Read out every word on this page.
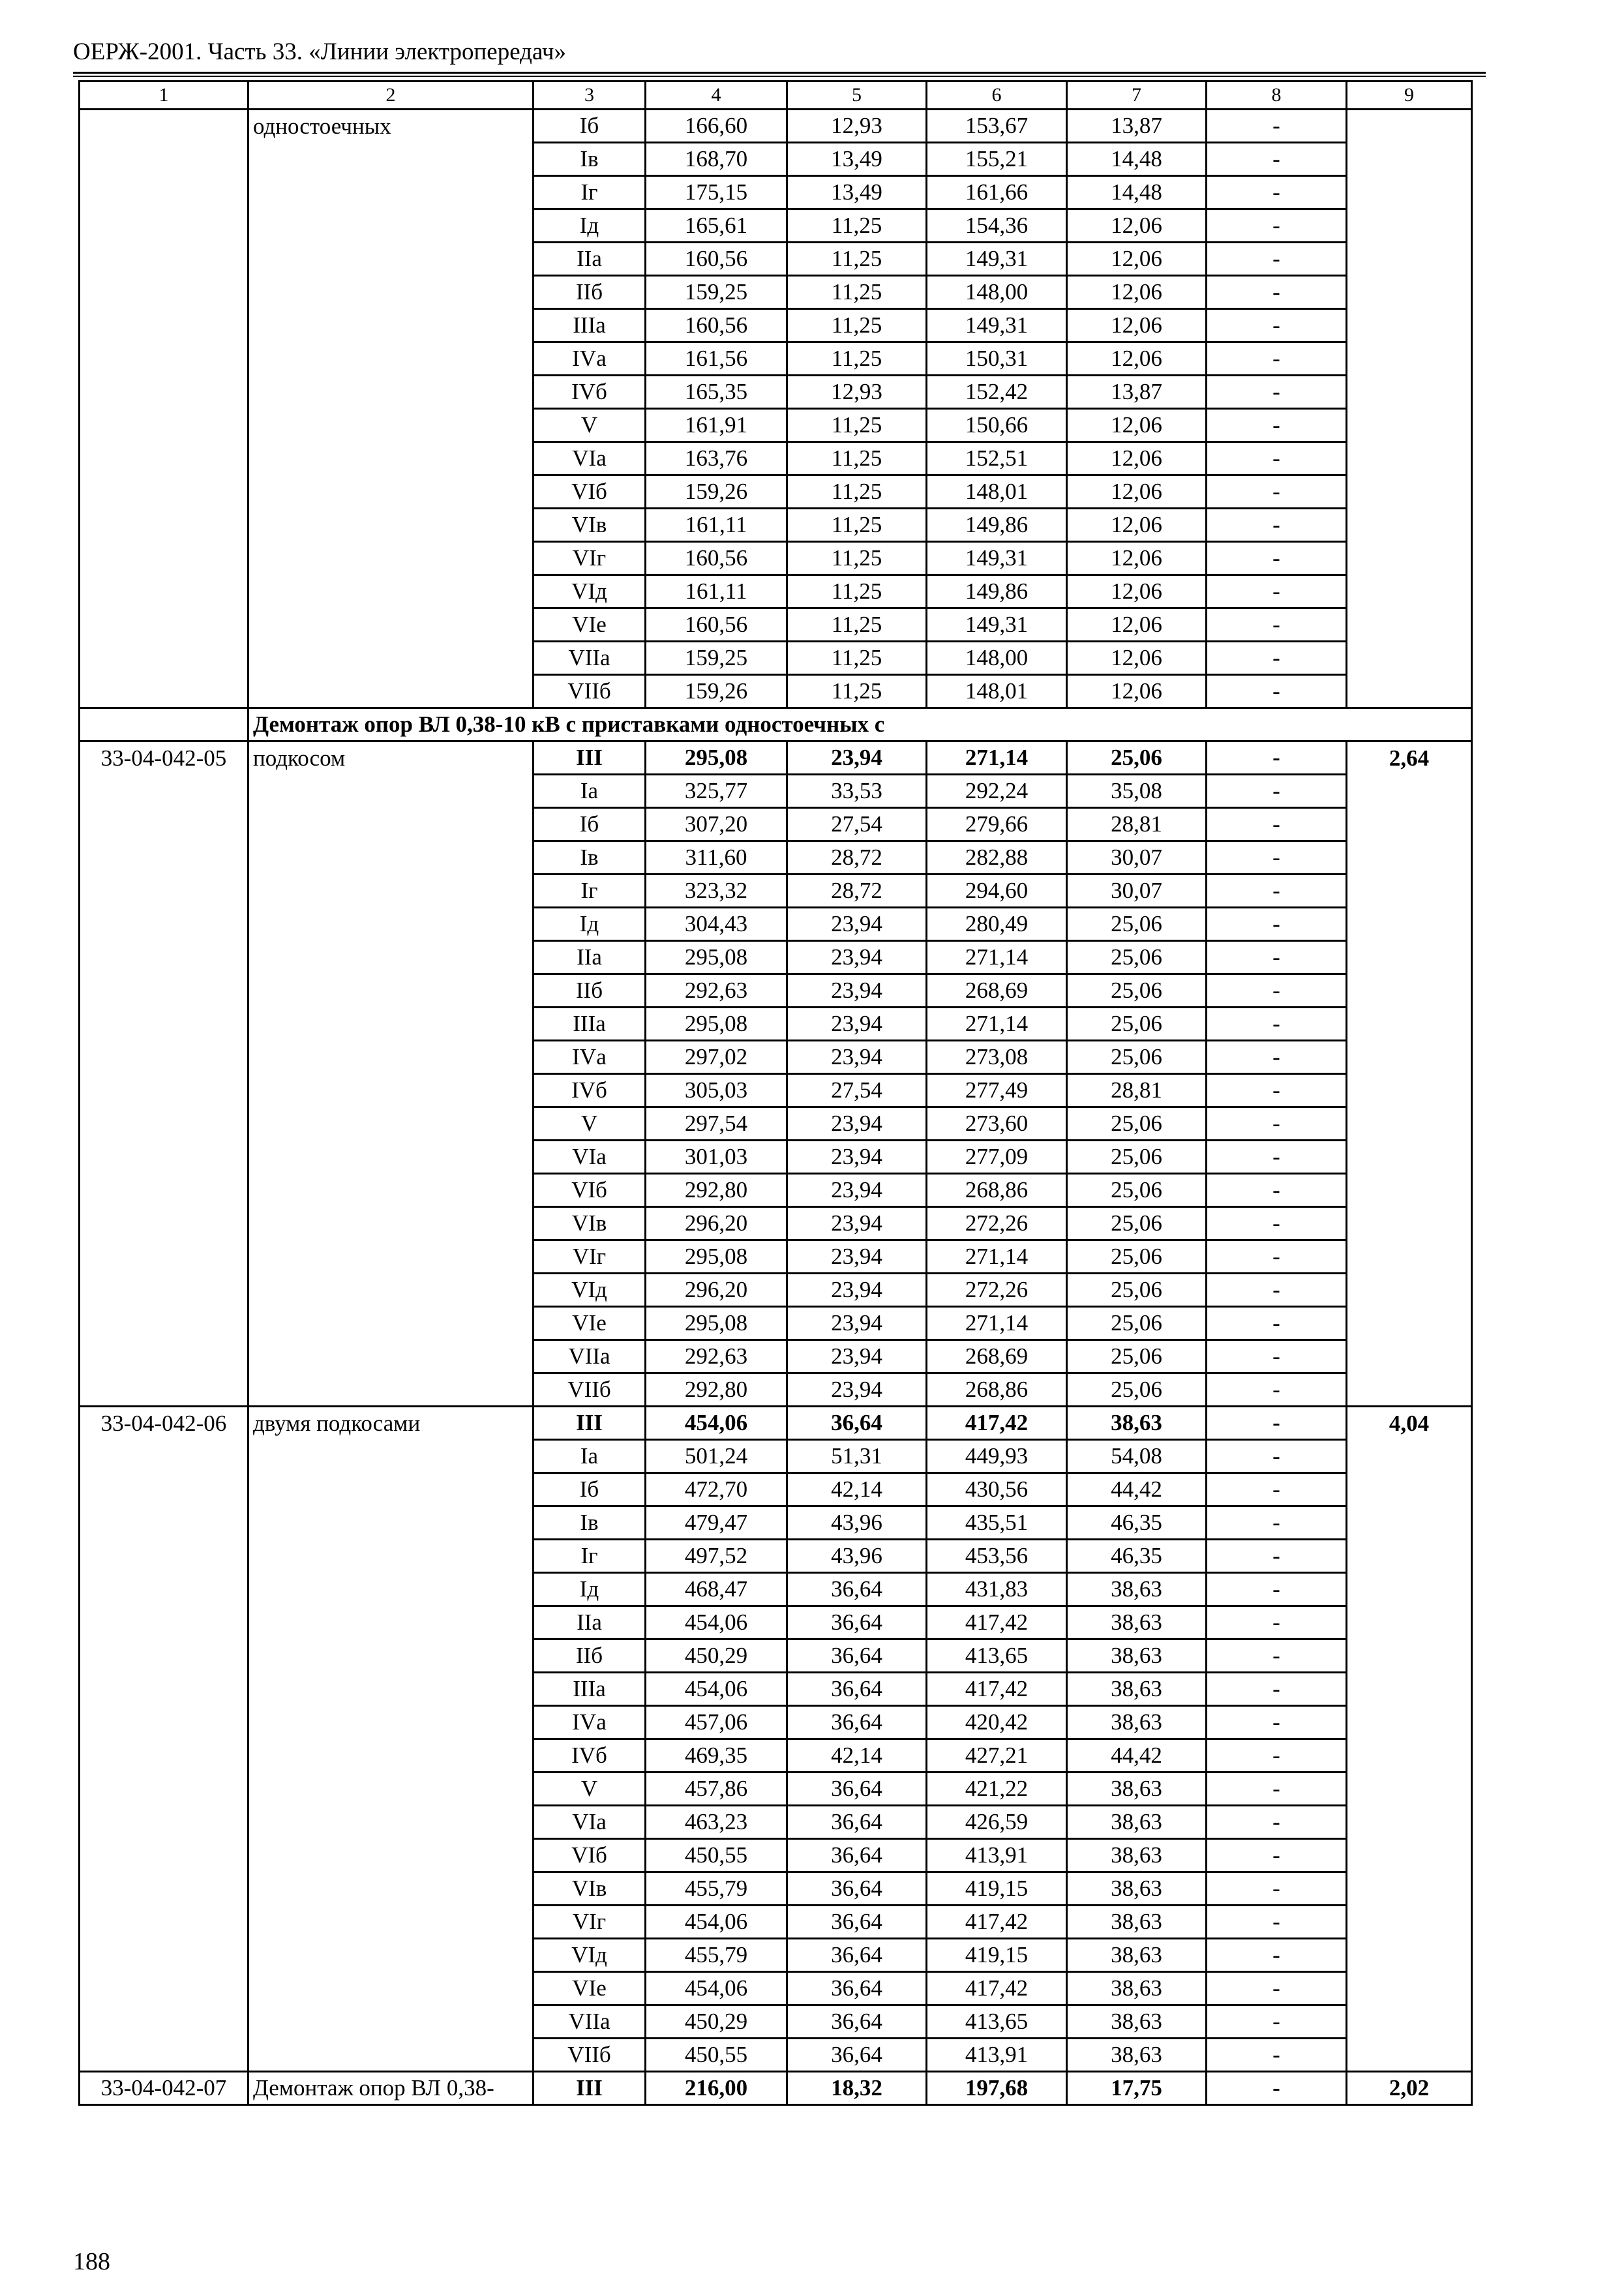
ОЕРЖ-2001. Часть 33. «Линии электропередач»
1	2	3	4	5	6	7	8	9
	одностоечных	Iб	166,60	12,93	153,67	13,87	-	
		Iв	168,70	13,49	155,21	14,48	-	
		Iг	175,15	13,49	161,66	14,48	-	
		Iд	165,61	11,25	154,36	12,06	-	
		IIа	160,56	11,25	149,31	12,06	-	
		IIб	159,25	11,25	148,00	12,06	-	
		IIIа	160,56	11,25	149,31	12,06	-	
		IVа	161,56	11,25	150,31	12,06	-	
		IVб	165,35	12,93	152,42	13,87	-	
		V	161,91	11,25	150,66	12,06	-	
		VIа	163,76	11,25	152,51	12,06	-	
		VIб	159,26	11,25	148,01	12,06	-	
		VIв	161,11	11,25	149,86	12,06	-	
		VIг	160,56	11,25	149,31	12,06	-	
		VIд	161,11	11,25	149,86	12,06	-	
		VIе	160,56	11,25	149,31	12,06	-	
		VIIа	159,25	11,25	148,00	12,06	-	
		VIIб	159,26	11,25	148,01	12,06	-	
	Демонтаж опор ВЛ 0,38-10 кВ с приставками одностоечных с							
33-04-042-05	подкосом	III	295,08	23,94	271,14	25,06	-	2,64
		Iа	325,77	33,53	292,24	35,08	-	
		Iб	307,20	27,54	279,66	28,81	-	
		Iв	311,60	28,72	282,88	30,07	-	
		Iг	323,32	28,72	294,60	30,07	-	
		Iд	304,43	23,94	280,49	25,06	-	
		IIа	295,08	23,94	271,14	25,06	-	
		IIб	292,63	23,94	268,69	25,06	-	
		IIIа	295,08	23,94	271,14	25,06	-	
		IVа	297,02	23,94	273,08	25,06	-	
		IVб	305,03	27,54	277,49	28,81	-	
		V	297,54	23,94	273,60	25,06	-	
		VIа	301,03	23,94	277,09	25,06	-	
		VIб	292,80	23,94	268,86	25,06	-	
		VIв	296,20	23,94	272,26	25,06	-	
		VIг	295,08	23,94	271,14	25,06	-	
		VIд	296,20	23,94	272,26	25,06	-	
		VIе	295,08	23,94	271,14	25,06	-	
		VIIа	292,63	23,94	268,69	25,06	-	
		VIIб	292,80	23,94	268,86	25,06	-	
33-04-042-06	двумя подкосами	III	454,06	36,64	417,42	38,63	-	4,04
		Iа	501,24	51,31	449,93	54,08	-	
		Iб	472,70	42,14	430,56	44,42	-	
		Iв	479,47	43,96	435,51	46,35	-	
		Iг	497,52	43,96	453,56	46,35	-	
		Iд	468,47	36,64	431,83	38,63	-	
		IIа	454,06	36,64	417,42	38,63	-	
		IIб	450,29	36,64	413,65	38,63	-	
		IIIа	454,06	36,64	417,42	38,63	-	
		IVа	457,06	36,64	420,42	38,63	-	
		IVб	469,35	42,14	427,21	44,42	-	
		V	457,86	36,64	421,22	38,63	-	
		VIа	463,23	36,64	426,59	38,63	-	
		VIб	450,55	36,64	413,91	38,63	-	
		VIв	455,79	36,64	419,15	38,63	-	
		VIг	454,06	36,64	417,42	38,63	-	
		VIд	455,79	36,64	419,15	38,63	-	
		VIе	454,06	36,64	417,42	38,63	-	
		VIIа	450,29	36,64	413,65	38,63	-	
		VIIб	450,55	36,64	413,91	38,63	-	
33-04-042-07	Демонтаж опор ВЛ 0,38-	III	216,00	18,32	197,68	17,75	-	2,02
188
